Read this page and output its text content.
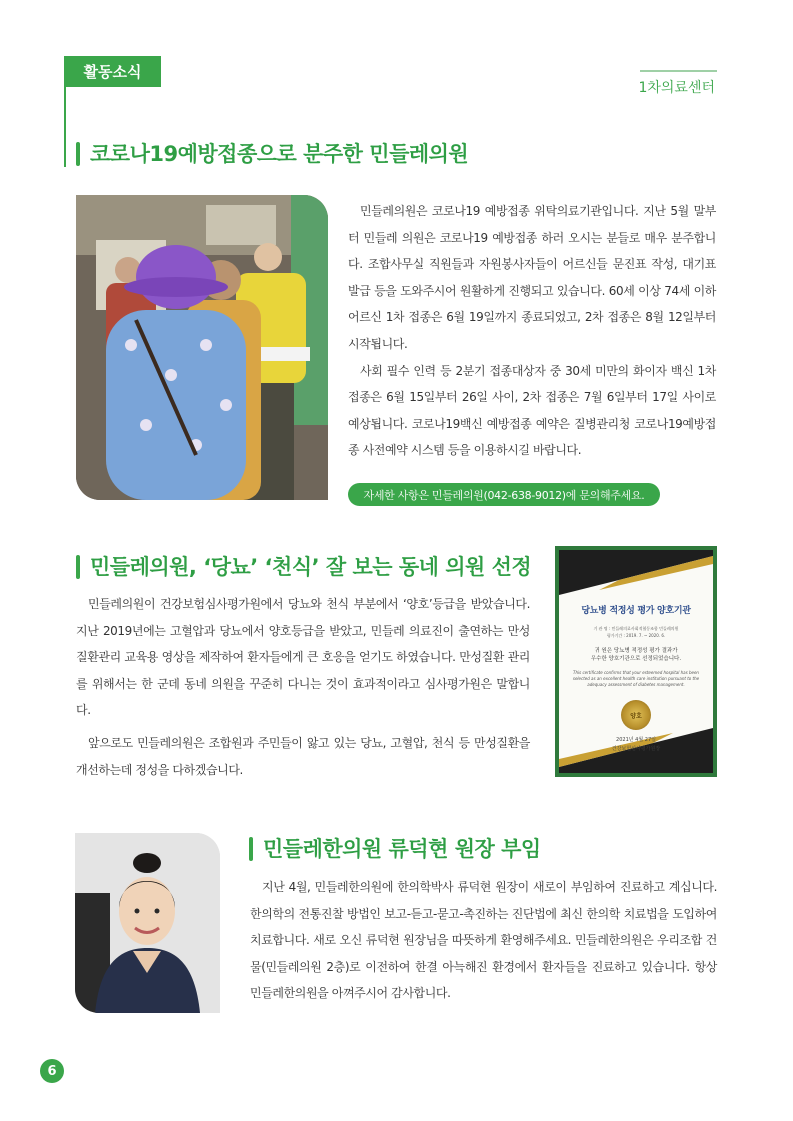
활동소식
1차의료센터
코로나19예방접종으로 분주한 민들레의원

민들레의원은 코로나19 예방접종 위탁의료기관입니다. 지난 5월 말부터 민들레 의원은 코로나19 예방접종 하러 오시는 분들로 매우 분주합니다. 조합사무실 직원들과 자원봉사자들이 어르신들 문진표 작성, 대기표 발급 등을 도와주시어 원활하게 진행되고 있습니다. 60세 이상 74세 이하 어르신 1차 접종은 6월 19일까지 종료되었고, 2차 접종은 8월 12일부터 시작됩니다.

사회 필수 인력 등 2분기 접종대상자 중 30세 미만의 화이자 백신 1차 접종은 6월 15일부터 26일 사이, 2차 접종은 7월 6일부터 17일 사이로 예상됩니다. 코로나19백신 예방접종 예약은 질병관리청 코로나19예방접종 사전예약 시스템 등을 이용하시길 바랍니다.

자세한 사항은 민들레의원(042-638-9012)에 문의해주세요.
민들레의원, ‘당뇨’ ‘천식’ 잘 보는 동네 의원 선정

민들레의원이 건강보험심사평가원에서 당뇨와 천식 부분에서 ‘양호’등급을 받았습니다. 지난 2019년에는 고혈압과 당뇨에서 양호등급을 받았고, 민들레 의료진이 출연하는 만성질환관리 교육용 영상을 제작하여 환자들에게 큰 호응을 얻기도 하였습니다. 만성질환 관리를 위해서는 한 군데 동네 의원을 꾸준히 다니는 것이 효과적이라고 심사평가원은 말합니다.

앞으로도 민들레의원은 조합원과 주민들이 앓고 있는 당뇨, 고혈압, 천식 등 만성질환을 개선하는데 정성을 다하겠습니다.

당뇨병 적정성 평가 양호기관
기 관 명 : 민들레의료사회적협동조합 민들레의원
평가기간 : 2019. 7. ~ 2020. 6.
귀 원은 당뇨병 적정성 평가 결과가
우수한 양호기관으로 선정되었습니다.
This certificate confirms that your esteemed hospital has been selected as an excellent health care institution pursuant to the adequacy assessment of diabetes management.
양호
2021년 4월 27일
건강보험심사평가원장
민들레한의원 류덕현 원장 부임

지난 4월, 민들레한의원에 한의학박사 류덕현 원장이 새로이 부임하여 진료하고 계십니다. 한의학의 전통진찰 방법인 보고-듣고-묻고-촉진하는 진단법에 최신 한의학 치료법을 도입하여 치료합니다. 새로 오신 류덕현 원장님을 따뜻하게 환영해주세요. 민들레한의원은 우리조합 건물(민들레의원 2층)로 이전하여 한결 아늑해진 환경에서 환자들을 진료하고 있습니다. 항상 민들레한의원을 아껴주시어 감사합니다.

6
